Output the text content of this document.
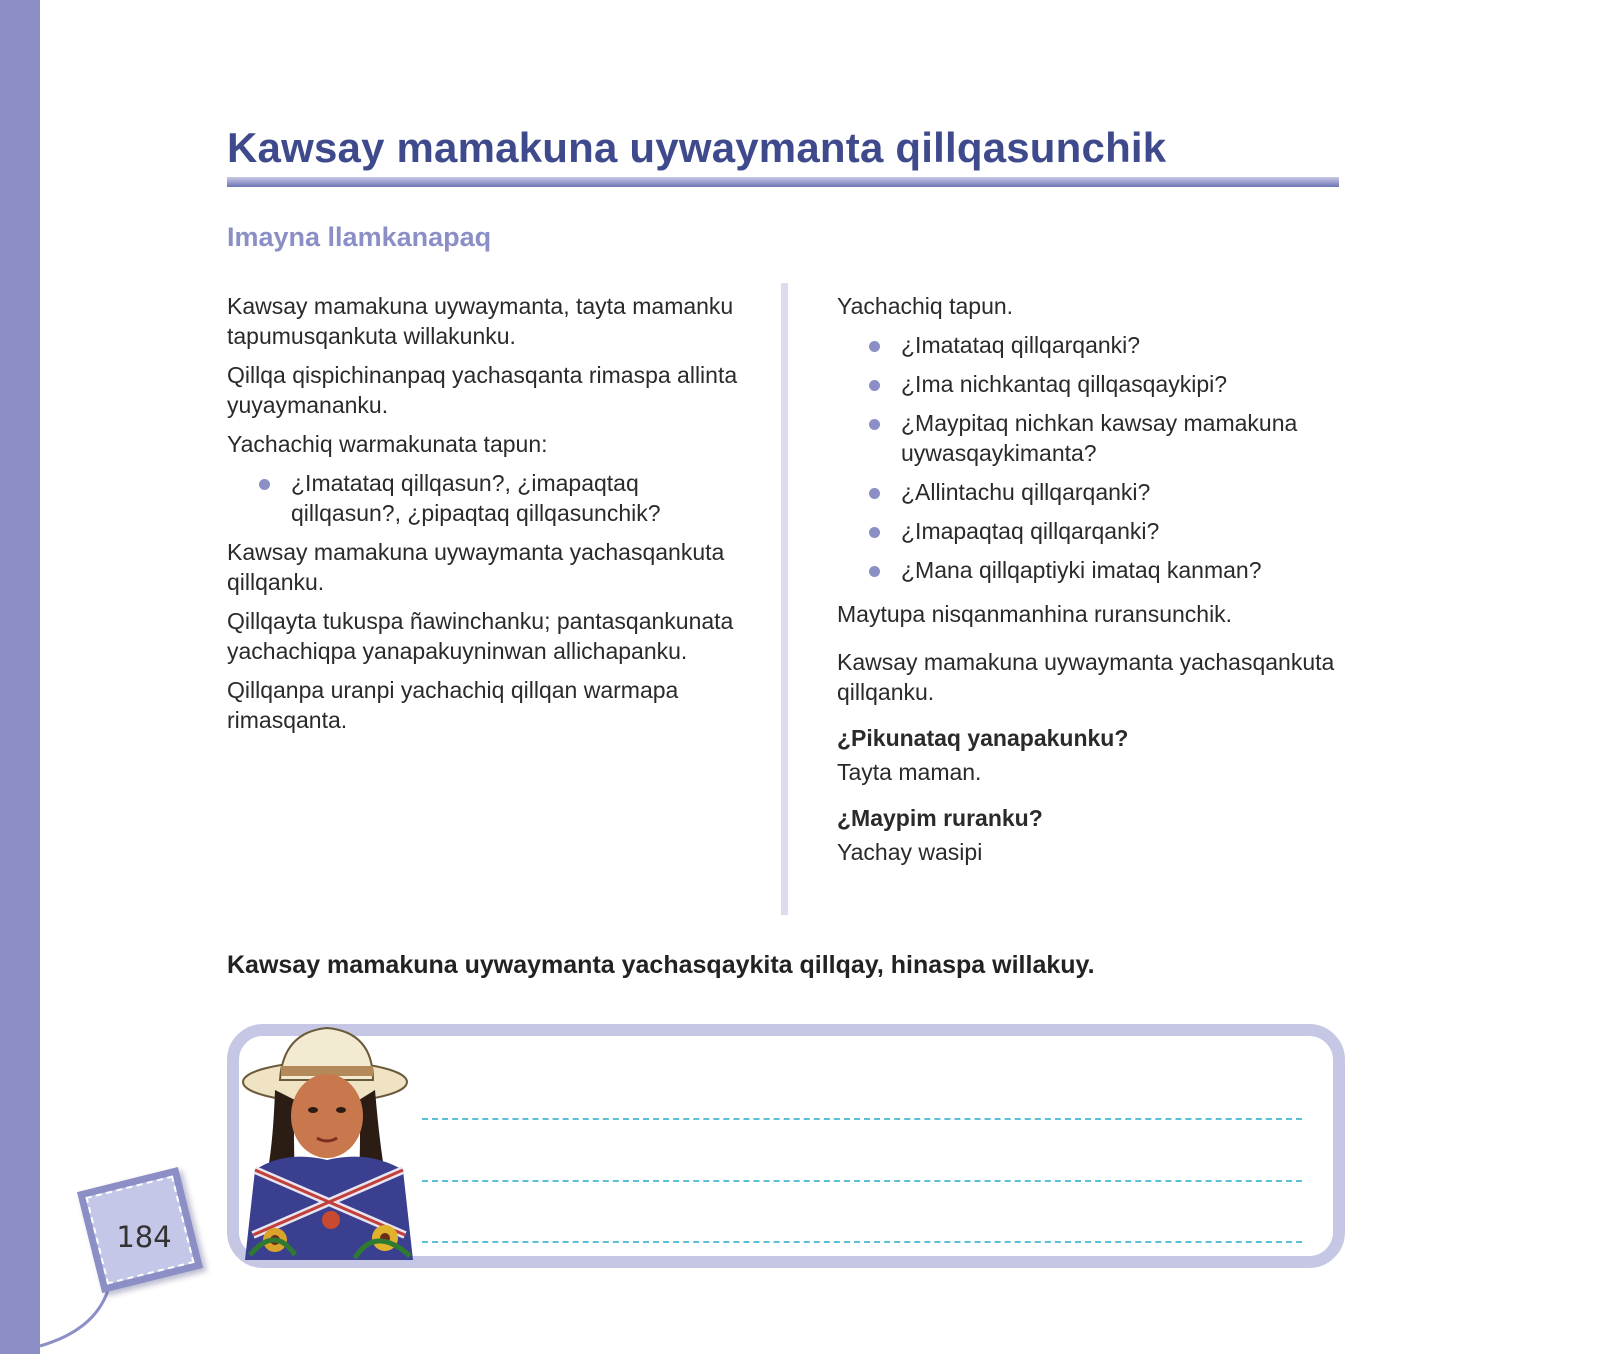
Kawsay mamakuna uywaymanta qillqasunchik
Imayna llamkanapaq

Kawsay mamakuna uywaymanta, tayta mamanku tapumusqankuta willakunku.

Qillqa qispichinanpaq yachasqanta rimaspa allinta yuyaymananku.

Yachachiq warmakunata tapun:

¿Imatataq qillqasun?, ¿imapaqtaq qillqasun?, ¿pipaqtaq qillqasunchik?

Kawsay mamakuna uywaymanta yachasqankuta qillqanku.

Qillqayta tukuspa ñawinchanku; pantasqankunata yachachiqpa yanapakuyninwan allichapanku.

Qillqanpa uranpi yachachiq qillqan warmapa rimasqanta.

Yachachiq tapun.

¿Imatataq qillqarqanki?
¿Ima nichkantaq qillqasqaykipi?
¿Maypitaq nichkan kawsay mamakuna uywasqaykimanta?
¿Allintachu qillqarqanki?
¿Imapaqtaq qillqarqanki?
¿Mana qillqaptiyki imataq kanman?

Maytupa nisqanmanhina ruransunchik.

Kawsay mamakuna uywaymanta yachasqankuta qillqanku.

¿Pikunataq yanapakunku?

Tayta maman.

¿Maypim ruranku?

Yachay wasipi

Kawsay mamakuna uywaymanta yachasqaykita qillqay, hinaspa willakuy.

184
